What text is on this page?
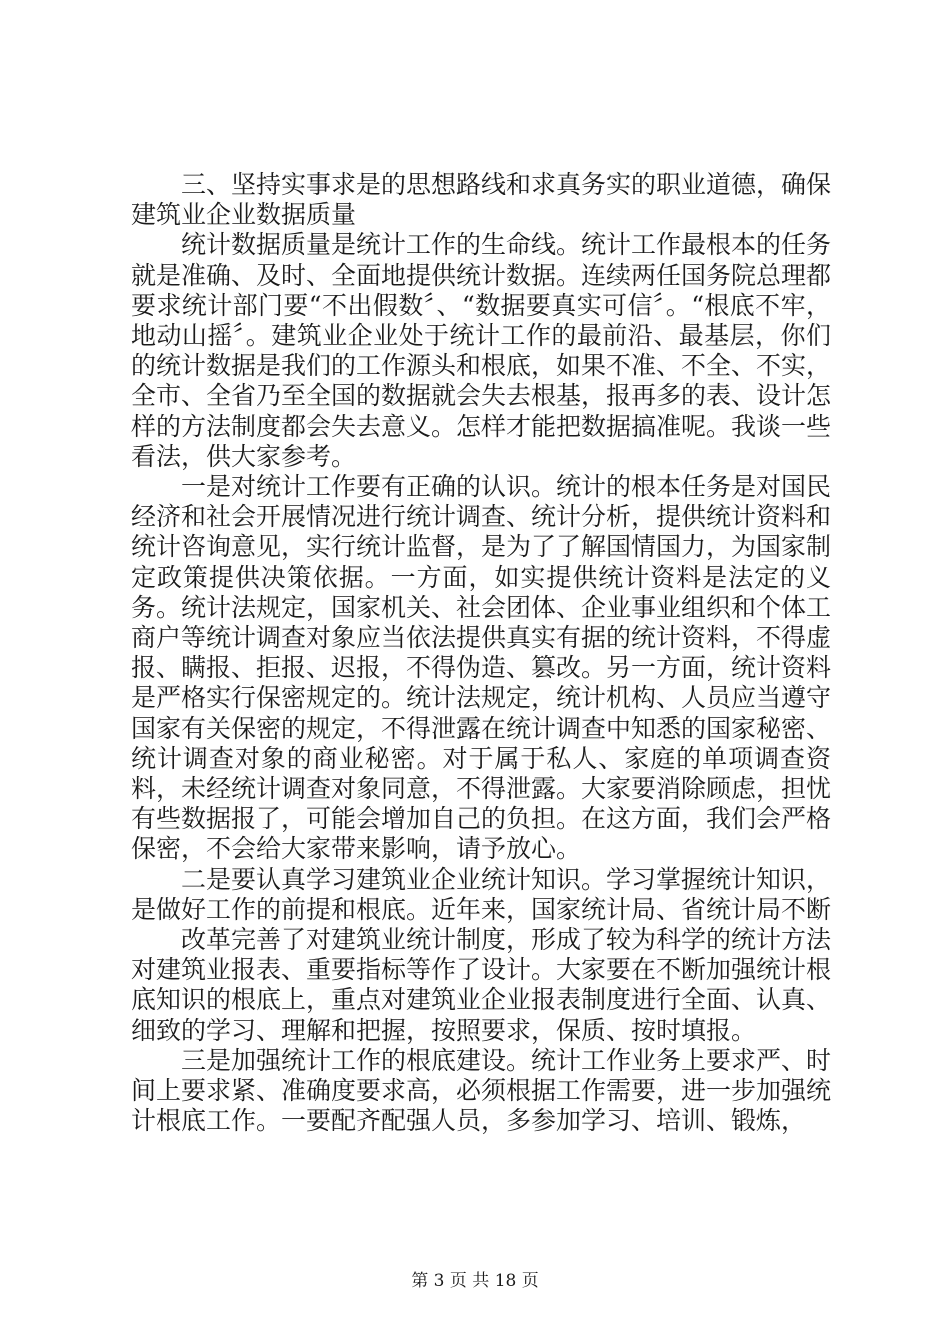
三、坚持实事求是的思想路线和求真务实的职业道德，确保建筑业企业数据质量

统计数据质量是统计工作的生命线。统计工作最根本的任务就是准确、及时、全面地提供统计数据。连续两任国务院总理都要求统计部门要“不出假数〞、“数据要真实可信〞。“根底不牢，地动山摇〞。建筑业企业处于统计工作的最前沿、最基层，你们的统计数据是我们的工作源头和根底，如果不准、不全、不实，全市、全省乃至全国的数据就会失去根基，报再多的表、设计怎样的方法制度都会失去意义。怎样才能把数据搞准呢。我谈一些看法，供大家参考。

一是对统计工作要有正确的认识。统计的根本任务是对国民经济和社会开展情况进行统计调查、统计分析，提供统计资料和统计咨询意见，实行统计监督，是为了了解国情国力，为国家制定政策提供决策依据。一方面，如实提供统计资料是法定的义务。统计法规定，国家机关、社会团体、企业事业组织和个体工商户等统计调查对象应当依法提供真实有据的统计资料，不得虚报、瞒报、拒报、迟报，不得伪造、篡改。另一方面，统计资料是严格实行保密规定的。统计法规定，统计机构、人员应当遵守国家有关保密的规定，不得泄露在统计调查中知悉的国家秘密、统计调查对象的商业秘密。对于属于私人、家庭的单项调查资料，未经统计调查对象同意，不得泄露。大家要消除顾虑，担忧有些数据报了，可能会增加自己的负担。在这方面，我们会严格保密，不会给大家带来影响，请予放心。

二是要认真学习建筑业企业统计知识。学习掌握统计知识，是做好工作的前提和根底。近年来，国家统计局、省统计局不断

改革完善了对建筑业统计制度，形成了较为科学的统计方法对建筑业报表、重要指标等作了设计。大家要在不断加强统计根底知识的根底上，重点对建筑业企业报表制度进行全面、认真、细致的学习、理解和把握，按照要求，保质、按时填报。

三是加强统计工作的根底建设。统计工作业务上要求严、时间上要求紧、准确度要求高，必须根据工作需要，进一步加强统计根底工作。一要配齐配强人员，多参加学习、培训、锻炼，

第 3 页 共 18 页
